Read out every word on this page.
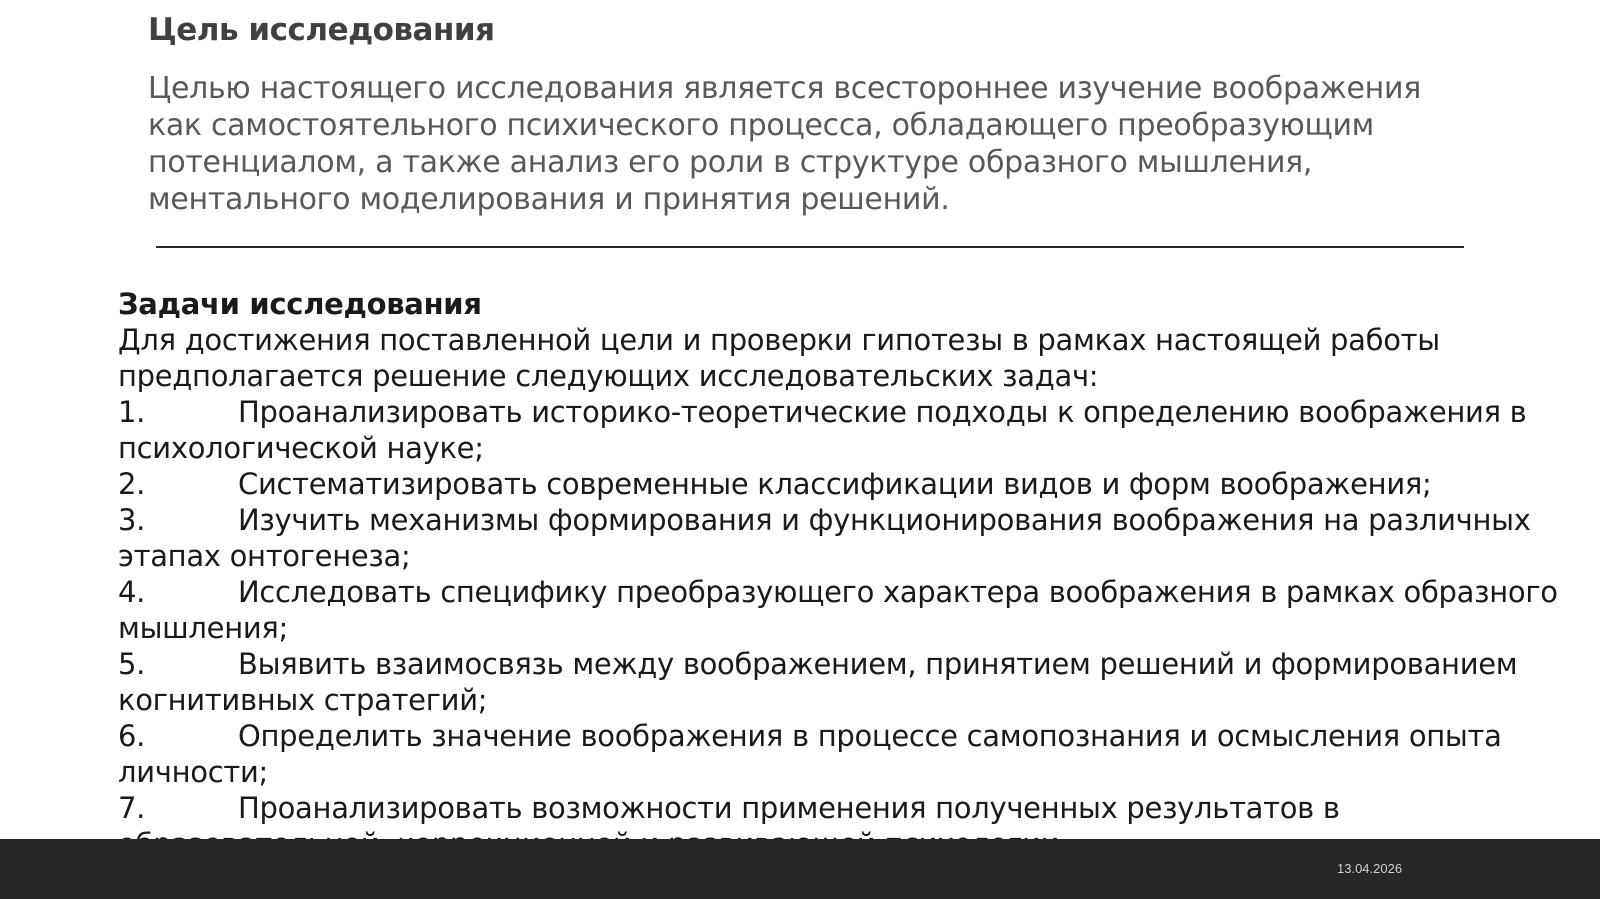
Цель исследования
Целью настоящего исследования является всестороннее изучение воображения
как самостоятельного психического процесса, обладающего преобразующим
потенциалом, а также анализ его роли в структуре образного мышления,
ментального моделирования и принятия решений.
Задачи исследования
Для достижения поставленной цели и проверки гипотезы в рамках настоящей работы
предполагается решение следующих исследовательских задач:
1.	Проанализировать историко-теоретические подходы к определению воображения в
психологической науке;
2.	Систематизировать современные классификации видов и форм воображения;
3.	Изучить механизмы формирования и функционирования воображения на различных
этапах онтогенеза;
4.	Исследовать специфику преобразующего характера воображения в рамках образного
мышления;
5.	Выявить взаимосвязь между воображением, принятием решений и формированием
когнитивных стратегий;
6.	Определить значение воображения в процессе самопознания и осмысления опыта
личности;
7.	Проанализировать возможности применения полученных результатов в
13.04.2026
